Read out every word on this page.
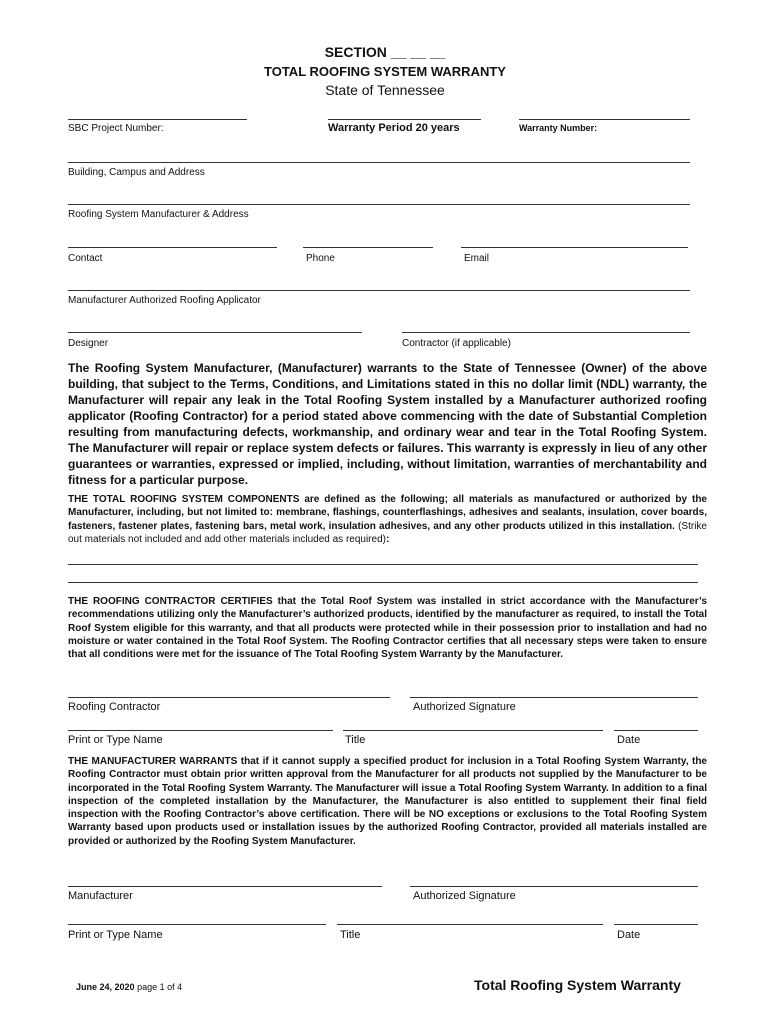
SECTION __ __ __
TOTAL ROOFING SYSTEM WARRANTY
State of Tennessee
SBC Project Number:	Warranty Period 20 years	Warranty Number:
Building, Campus and Address
Roofing System Manufacturer & Address
Contact	Phone	Email
Manufacturer Authorized Roofing Applicator
Designer	Contractor (if applicable)
The Roofing System Manufacturer, (Manufacturer) warrants to the State of Tennessee (Owner) of the above building, that subject to the Terms, Conditions, and Limitations stated in this no dollar limit (NDL) warranty, the Manufacturer will repair any leak in the Total Roofing System installed by a Manufacturer authorized roofing applicator (Roofing Contractor) for a period stated above commencing with the date of Substantial Completion resulting from manufacturing defects, workmanship, and ordinary wear and tear in the Total Roofing System. The Manufacturer will repair or replace system defects or failures. This warranty is expressly in lieu of any other guarantees or warranties, expressed or implied, including, without limitation, warranties of merchantability and fitness for a particular purpose.
THE TOTAL ROOFING SYSTEM COMPONENTS are defined as the following; all materials as manufactured or authorized by the Manufacturer, including, but not limited to: membrane, flashings, counterflashings, adhesives and sealants, insulation, cover boards, fasteners, fastener plates, fastening bars, metal work, insulation adhesives, and any other products utilized in this installation. (Strike out materials not included and add other materials included as required):
THE ROOFING CONTRACTOR CERTIFIES that the Total Roof System was installed in strict accordance with the Manufacturer’s recommendations utilizing only the Manufacturer’s authorized products, identified by the manufacturer as required, to install the Total Roof System eligible for this warranty, and that all products were protected while in their possession prior to installation and had no moisture or water contained in the Total Roof System. The Roofing Contractor certifies that all necessary steps were taken to ensure that all conditions were met for the issuance of The Total Roofing System Warranty by the Manufacturer.
Roofing Contractor	Authorized Signature
Print or Type Name	Title	Date
THE MANUFACTURER WARRANTS that if it cannot supply a specified product for inclusion in a Total Roofing System Warranty, the Roofing Contractor must obtain prior written approval from the Manufacturer for all products not supplied by the Manufacturer to be incorporated in the Total Roofing System Warranty. The Manufacturer will issue a Total Roofing System Warranty. In addition to a final inspection of the completed installation by the Manufacturer, the Manufacturer is also entitled to supplement their final field inspection with the Roofing Contractor’s above certification. There will be NO exceptions or exclusions to the Total Roofing System Warranty based upon products used or installation issues by the authorized Roofing Contractor, provided all materials installed are provided or authorized by the Roofing System Manufacturer.
Manufacturer	Authorized Signature
Print or Type Name	Title	Date
June 24, 2020 page 1 of 4	Total Roofing System Warranty
